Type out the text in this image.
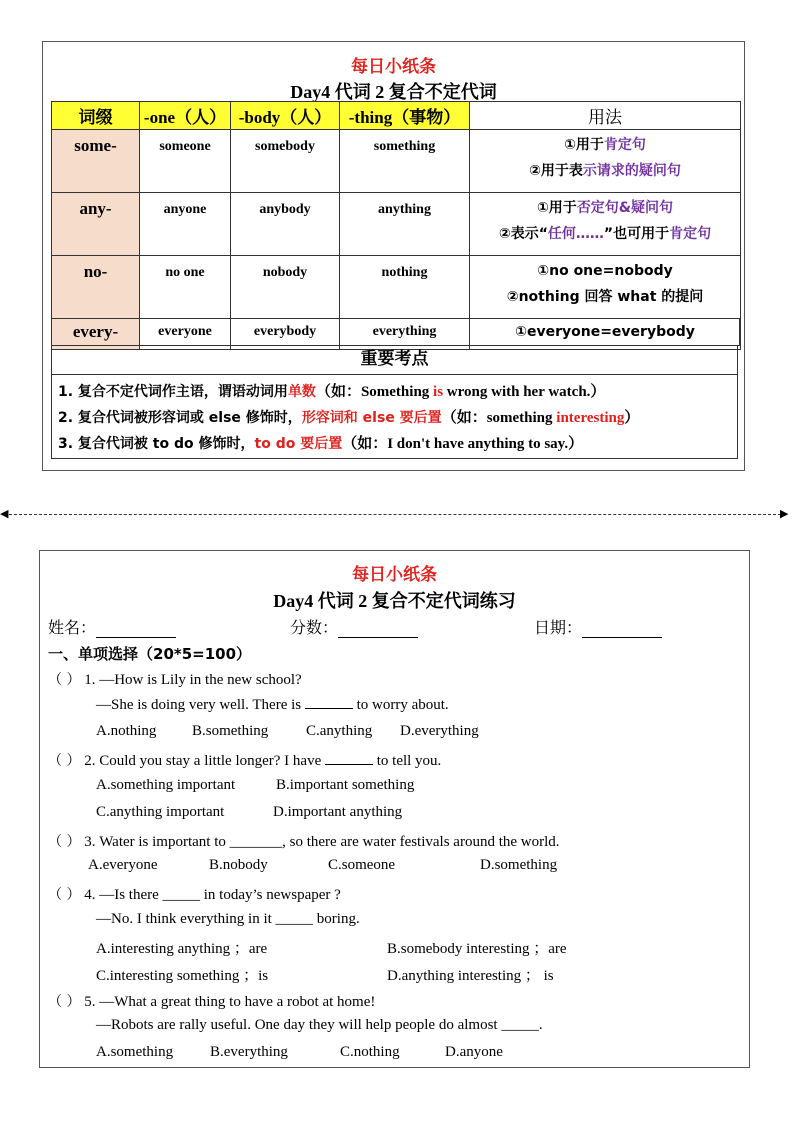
每日小纸条
Day4 代词 2 复合不定代词
词缀	-one（人）	-body（人）	-thing（事物）	用法
some-	someone	somebody	something	①用于肯定句
②用于表示请求的疑问句

any-	anyone	anybody	anything	①用于否定句&疑问句
②表示“任何……”也可用于肯定句

no-	no one	nobody	nothing	①no one=nobody
②nothing 回答 what 的提问

every-	everyone	everybody	everything	①everyone=everybody
重要考点
1. 复合不定代词作主语，谓语动词用单数（如：Something is wrong with her watch.）
2. 复合代词被形容词或 else 修饰时，形容词和 else 要后置（如：something interesting）
3. 复合代词被 to do 修饰时，to do 要后置（如：I don't have anything to say.）
◀	▶
每日小纸条
Day4 代词 2 复合不定代词练习
姓名：	分数：	日期：
一、单项选择（20*5=100）
（ ） 1. —How is Lily in the new school?
—She is doing very well. There is	to worry about.
A.nothing B.something	C.anything D.everything
（ ） 2. Could you stay a little longer? I have	to tell you.
A.something important	B.important something
C.anything important	D.important anything
（ ） 3. Water is important to _______, so there are water festivals around the world.
A.everyone	B.nobody	C.someone	D.something
（ ） 4. —Is there _____ in today’s newspaper ?
—No. I think everything in it _____ boring.
A.interesting anything ；are	B.somebody interesting ；are
C.interesting something ；is	D.anything interesting ； is
（ ） 5. —What a great thing to have a robot at home!
—Robots are rally useful. One day they will help people do almost _____.
A.something B.everything	C.nothing	D.anyone
